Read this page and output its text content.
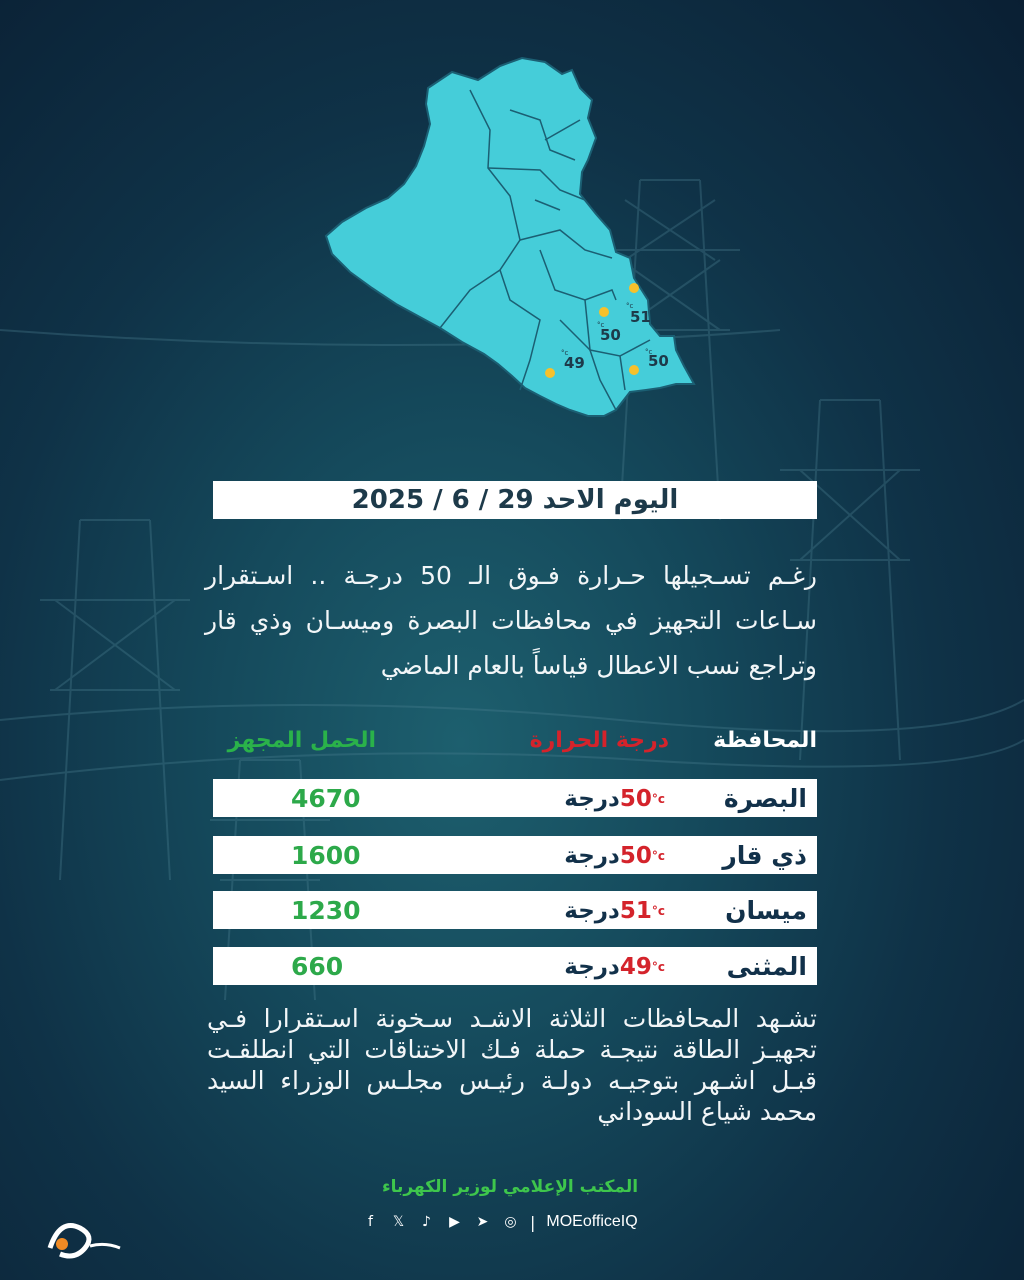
51
50
50
49
°c
°c
°c
°c
اليوم الاحد 29 / 6 / 2025
رغـم تسـجيلها حـرارة فـوق الـ 50 درجـة .. اسـتقرار سـاعات التجهيز في محافظات البصرة وميسـان وذي قار وتراجع نسب الاعطال قياساً بالعام الماضي
المحافظة
درجة الحرارة
الحمل المجهز
البصرة
$50^{^\circ c}درجة$
4670
ذي قار
$50^{^\circ c}درجة$
1600
ميسان
$51^{^\circ c}درجة$
1230
المثنى
$49^{^\circ c}درجة$
660
تشـهد المحافظات الثلاثة الاشـد سـخونة اسـتقرارا فـي تجهيـز الطاقة نتيجـة حملة فـك الاختناقات التي انطلقـت قبـل اشـهر بتوجيـه دولـة رئيـس مجلـس الوزراء السيد محمد شياع السوداني
المكتب الإعلامي لوزير الكهرباء
f	𝕏 ♪ ▶ ➤ ◎ | MOEofficeIQ
